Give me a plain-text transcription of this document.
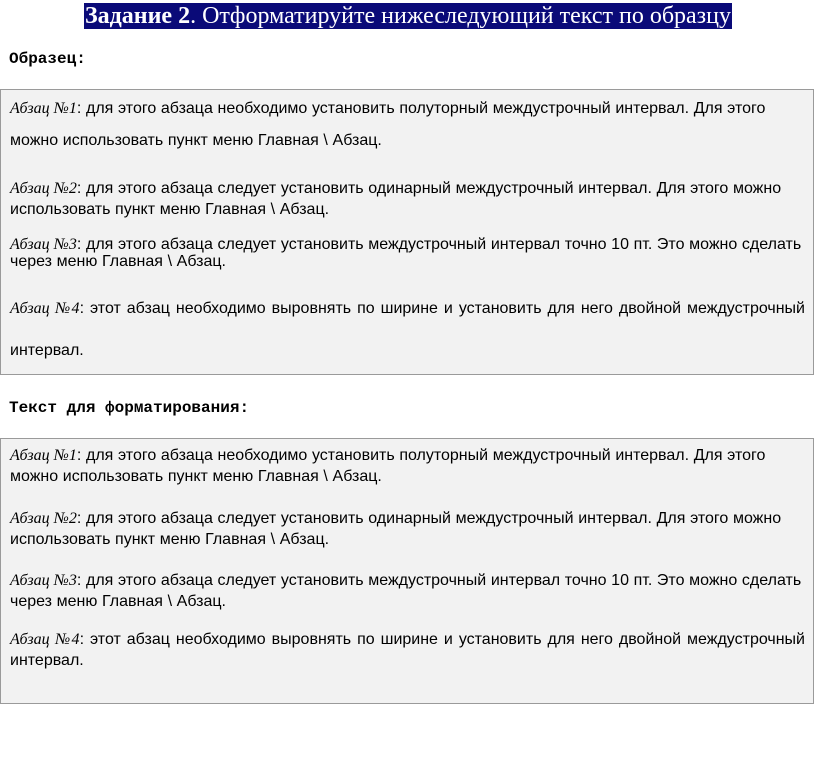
Задание 2. Отформатируйте нижеследующий текст по образцу
Образец:

Абзац №1: для этого абзаца необходимо установить полуторный междустрочный интервал. Для этого можно использовать пункт меню Главная \ Абзац.

Абзац №2: для этого абзаца следует установить одинарный междустрочный интервал. Для этого можно использовать пункт меню Главная \ Абзац.

Абзац №3: для этого абзаца следует установить междустрочный интервал точно 10 пт. Это можно сделать через меню Главная \ Абзац.

Абзац №4: этот абзац необходимо выровнять по ширине и установить для него двойной междустрочный интервал.

Текст для форматирования:

Абзац №1: для этого абзаца необходимо установить полуторный междустрочный интервал. Для этого можно использовать пункт меню Главная \ Абзац.

Абзац №2: для этого абзаца следует установить одинарный междустрочный интервал. Для этого можно использовать пункт меню Главная \ Абзац.

Абзац №3: для этого абзаца следует установить междустрочный интервал точно 10 пт. Это можно сделать через меню Главная \ Абзац.

Абзац №4: этот абзац необходимо выровнять по ширине и установить для него двойной междустрочный интервал.
